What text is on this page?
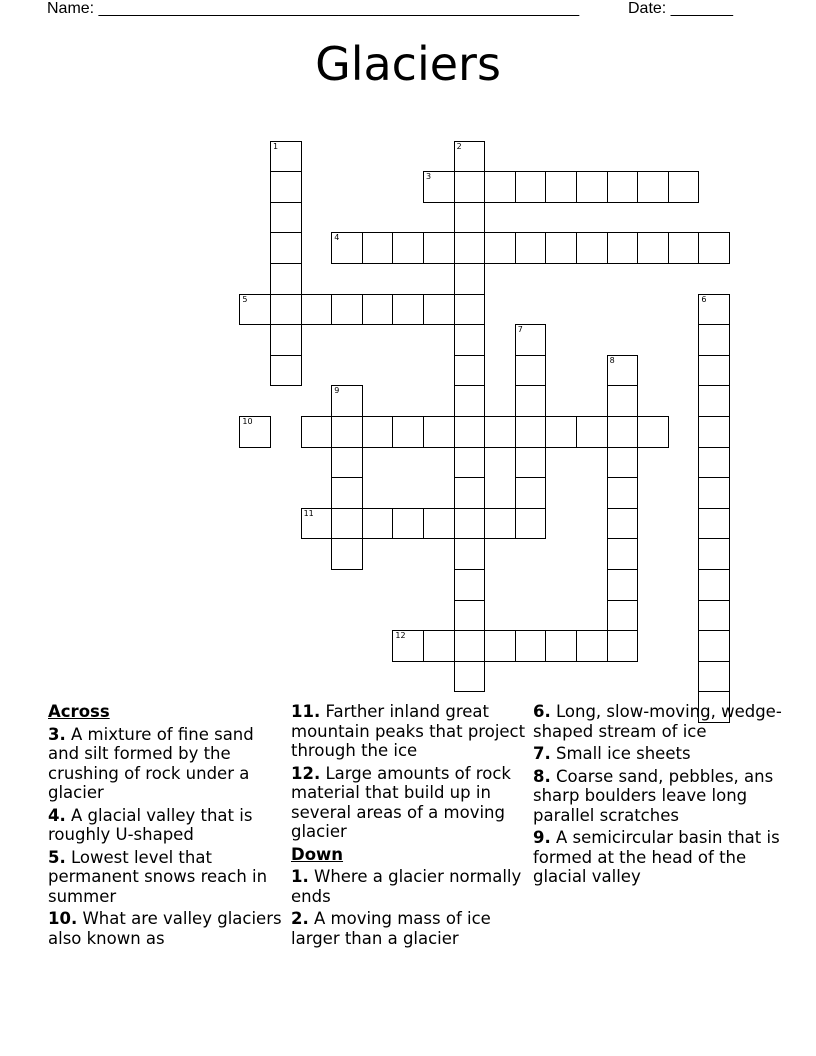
Name: ______________________________________________________	Date: _______
Glaciers
1	2
3
4
5	6
7
8
9
10
11
12
Across
3. A mixture of fine sand and silt formed by the crushing of rock under a glacier
4. A glacial valley that is roughly U-shaped
5. Lowest level that permanent snows reach in summer
10. What are valley glaciers also known as
11. Farther inland great mountain peaks that project through the ice
12. Large amounts of rock material that build up in several areas of a moving glacier
Down
1. Where a glacier normally ends
2. A moving mass of ice larger than a glacier
6. Long, slow-moving, wedge-shaped stream of ice
7. Small ice sheets
8. Coarse sand, pebbles, ans sharp boulders leave long parallel scratches
9. A semicircular basin that is formed at the head of the glacial valley
